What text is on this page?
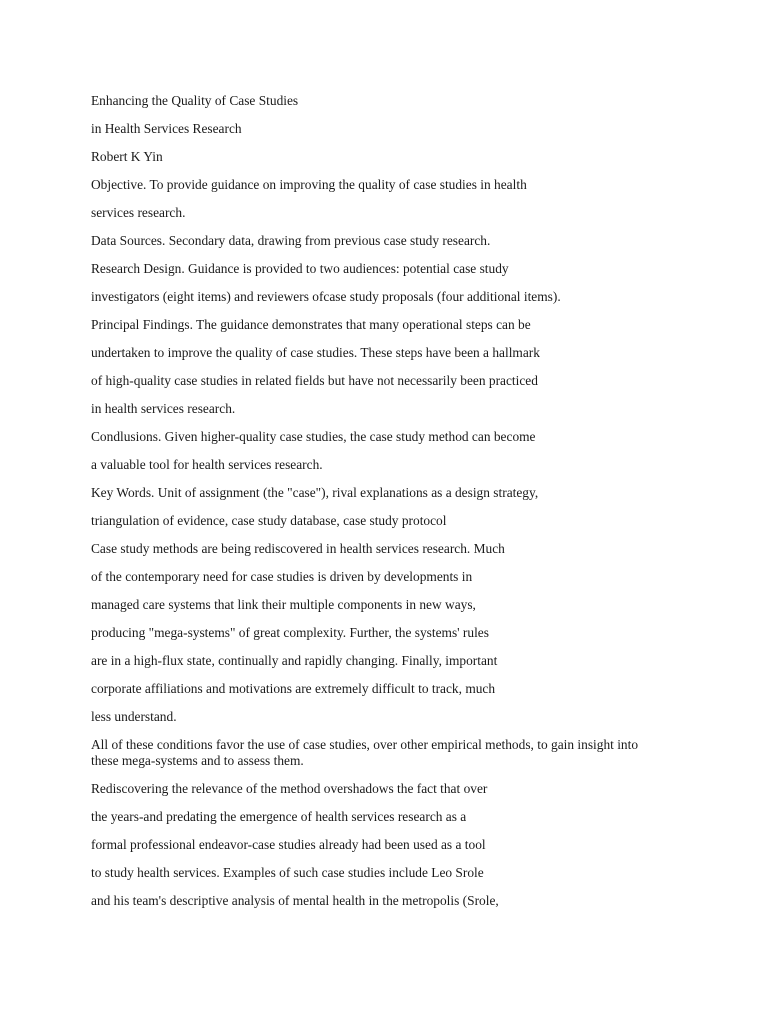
Enhancing the Quality of Case Studies
in Health Services Research
Robert K Yin
Objective. To provide guidance on improving the quality of case studies in health
services research.
Data Sources. Secondary data, drawing from previous case study research.
Research Design. Guidance is provided to two audiences: potential case study
investigators (eight items) and reviewers ofcase study proposals (four additional items).
Principal Findings. The guidance demonstrates that many operational steps can be
undertaken to improve the quality of case studies. These steps have been a hallmark
of high-quality case studies in related fields but have not necessarily been practiced
in health services research.
Condlusions. Given higher-quality case studies, the case study method can become
a valuable tool for health services research.
Key Words. Unit of assignment (the "case"), rival explanations as a design strategy,
triangulation of evidence, case study database, case study protocol
Case study methods are being rediscovered in health services research. Much
of the contemporary need for case studies is driven by developments in
managed care systems that link their multiple components in new ways,
producing "mega-systems" of great complexity. Further, the systems' rules
are in a high-flux state, continually and rapidly changing. Finally, important
corporate affiliations and motivations are extremely difficult to track, much
less understand.
All of these conditions favor the use of case studies, over other empirical methods, to gain insight into these mega-systems and to assess them.
Rediscovering the relevance of the method overshadows the fact that over
the years-and predating the emergence of health services research as a
formal professional endeavor-case studies already had been used as a tool
to study health services. Examples of such case studies include Leo Srole
and his team's descriptive analysis of mental health in the metropolis (Srole,
